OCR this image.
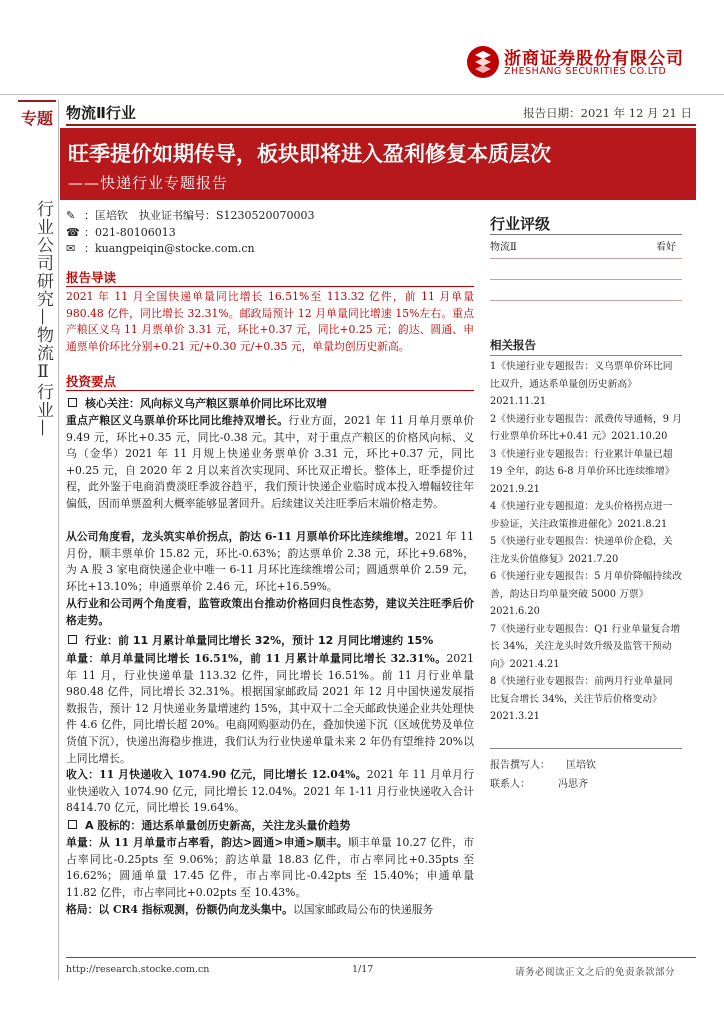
浙商证券股份有限公司
ZHESHANG SECURITIES CO.LTD
专题
行业公司研究—物流Ⅱ行业—
物流Ⅱ行业	报告日期：2021 年 12 月 21 日
旺季提价如期传导，板块即将进入盈利修复本质层次
——快递行业专题报告
✎ ：匡培钦　执业证书编号：S1230520070003
☎ ：021-80106013
✉ ：kuangpeiqin@stocke.com.cn
行业评级
物流Ⅱ	看好
报告导读
2021 年 11 月全国快递单量同比增长 16.51%至 113.32 亿件，前 11 月单量 980.48 亿件，同比增长 32.31%。邮政局预计 12 月单量同比增速 15%左右。重点产粮区义乌 11 月票单价 3.31 元，环比+0.37 元，同比+0.25 元；韵达、圆通、申通票单价环比分别+0.21 元/+0.30 元/+0.35 元，单量均创历史新高。
投资要点
核心关注：风向标义乌产粮区票单价同比环比双增
重点产粮区义乌票单价环比同比维持双增长。行业方面，2021 年 11 月单月票单价 9.49 元，环比+0.35 元，同比-0.38 元。其中，对于重点产粮区的价格风向标、义乌（金华）2021 年 11 月规上快递业务票单价 3.31 元，环比+0.37 元，同比+0.25 元，自 2020 年 2 月以来首次实现同、环比双正增长。整体上，旺季提价过程，此外鉴于电商消费淡旺季波谷趋平，我们预计快递企业临时成本投入增幅较往年偏低，因而单票盈利大概率能够显著回升。后续建议关注旺季后末端价格走势。
从公司角度看，龙头筑实单价拐点，韵达 6-11 月票单价环比连续维增。2021 年 11 月份，顺丰票单价 15.82 元，环比-0.63%；韵达票单价 2.38 元，环比+9.68%，为 A 股 3 家电商快递企业中唯一 6-11 月环比连续维增公司；圆通票单价 2.59 元，环比+13.10%；申通票单价 2.46 元，环比+16.59%。
从行业和公司两个角度看，监管政策出台推动价格回归良性态势，建议关注旺季后价格走势。
行业：前 11 月累计单量同比增长 32%，预计 12 月同比增速约 15%
单量：单月单量同比增长 16.51%，前 11 月累计单量同比增长 32.31%。2021 年 11 月，行业快递单量 113.32 亿件，同比增长 16.51%。前 11 月行业单量 980.48 亿件，同比增长 32.31%。根据国家邮政局 2021 年 12 月中国快递发展指数报告，预计 12 月快递业务量增速约 15%，其中双十二全天邮政快递企业共处理快件 4.6 亿件，同比增长超 20%。电商网购驱动仍在，叠加快递下沉（区域优势及单位货值下沉），快递出海稳步推进，我们认为行业快递单量未来 2 年仍有望维持 20%以上同比增长。
收入：11 月快递收入 1074.90 亿元，同比增长 12.04%。2021 年 11 月单月行业快递收入 1074.90 亿元，同比增长 12.04%。2021 年 1-11 月行业快递收入合计 8414.70 亿元，同比增长 19.64%。
A 股标的：通达系单量创历史新高，关注龙头量价趋势
单量：从 11 月单量市占率看，韵达>圆通>申通>顺丰。顺丰单量 10.27 亿件，市占率同比-0.25pts 至 9.06%；韵达单量 18.83 亿件，市占率同比+0.35pts 至 16.62%；圆通单量 17.45 亿件，市占率同比-0.42pts 至 15.40%；申通单量 11.82 亿件，市占率同比+0.02pts 至 10.43%。
格局：以 CR4 指标观测，份额仍向龙头集中。以国家邮政局公布的快递服务
相关报告
1《快递行业专题报告：义乌票单价环比同比双升，通达系单量创历史新高》2021.11.21
2《快递行业专题报告：派费传导通畅，9 月行业票单价环比+0.41 元》2021.10.20
3《快递行业专题报告：行业累计单量已超 19 全年，韵达 6-8 月单价环比连续维增》2021.9.21
4《快递行业专题报道：龙头价格拐点进一步验证，关注政策推进催化》2021.8.21
5《快递行业专题报告：快递单价企稳，关注龙头价值修复》2021.7.20
6《快递行业专题报告：5 月单价降幅持续改善，韵达日均单量突破 5000 万票》2021.6.20
7《快递行业专题报告：Q1 行业单量复合增长 34%，关注龙头时效升级及监管干预动向》2021.4.21
8《快递行业专题报告：前两月行业单量同比复合增长 34%，关注节后价格变动》2021.3.21
报告撰写人： 匡培钦
联系人：	冯思齐
http://research.stocke.com.cn	1/17	请务必阅读正文之后的免责条款部分
